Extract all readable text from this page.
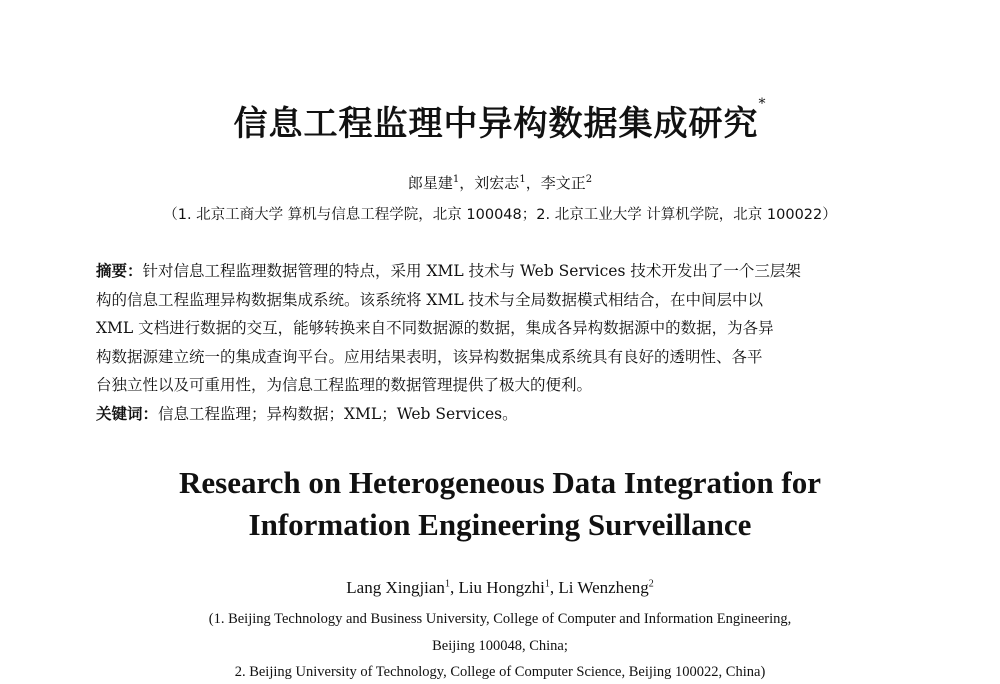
信息工程监理中异构数据集成研究*
郎星建$^1$，刘宏志$^1$，李文正$^2$
（1. 北京工商大学 算机与信息工程学院，北京 100048；2. 北京工业大学 计算机学院，北京 100022）

摘要：针对信息工程监理数据管理的特点，采用 XML 技术与 Web Services 技术开发出了一个三层架

构的信息工程监理异构数据集成系统。该系统将 XML 技术与全局数据模式相结合，在中间层中以

XML 文档进行数据的交互，能够转换来自不同数据源的数据，集成各异构数据源中的数据，为各异

构数据源建立统一的集成查询平台。应用结果表明，该异构数据集成系统具有良好的透明性、各平

台独立性以及可重用性，为信息工程监理的数据管理提供了极大的便利。

关键词：信息工程监理；异构数据；XML；Web Services。

Research on Heterogeneous Data Integration for
Information Engineering Surveillance
Lang Xingjian$^1$, Liu Hongzhi$^1$, Li Wenzheng$^2$
(1. Beijing Technology and Business University, College of Computer and Information Engineering,
Beijing 100048, China;
2. Beijing University of Technology, College of Computer Science, Beijing 100022, China)
